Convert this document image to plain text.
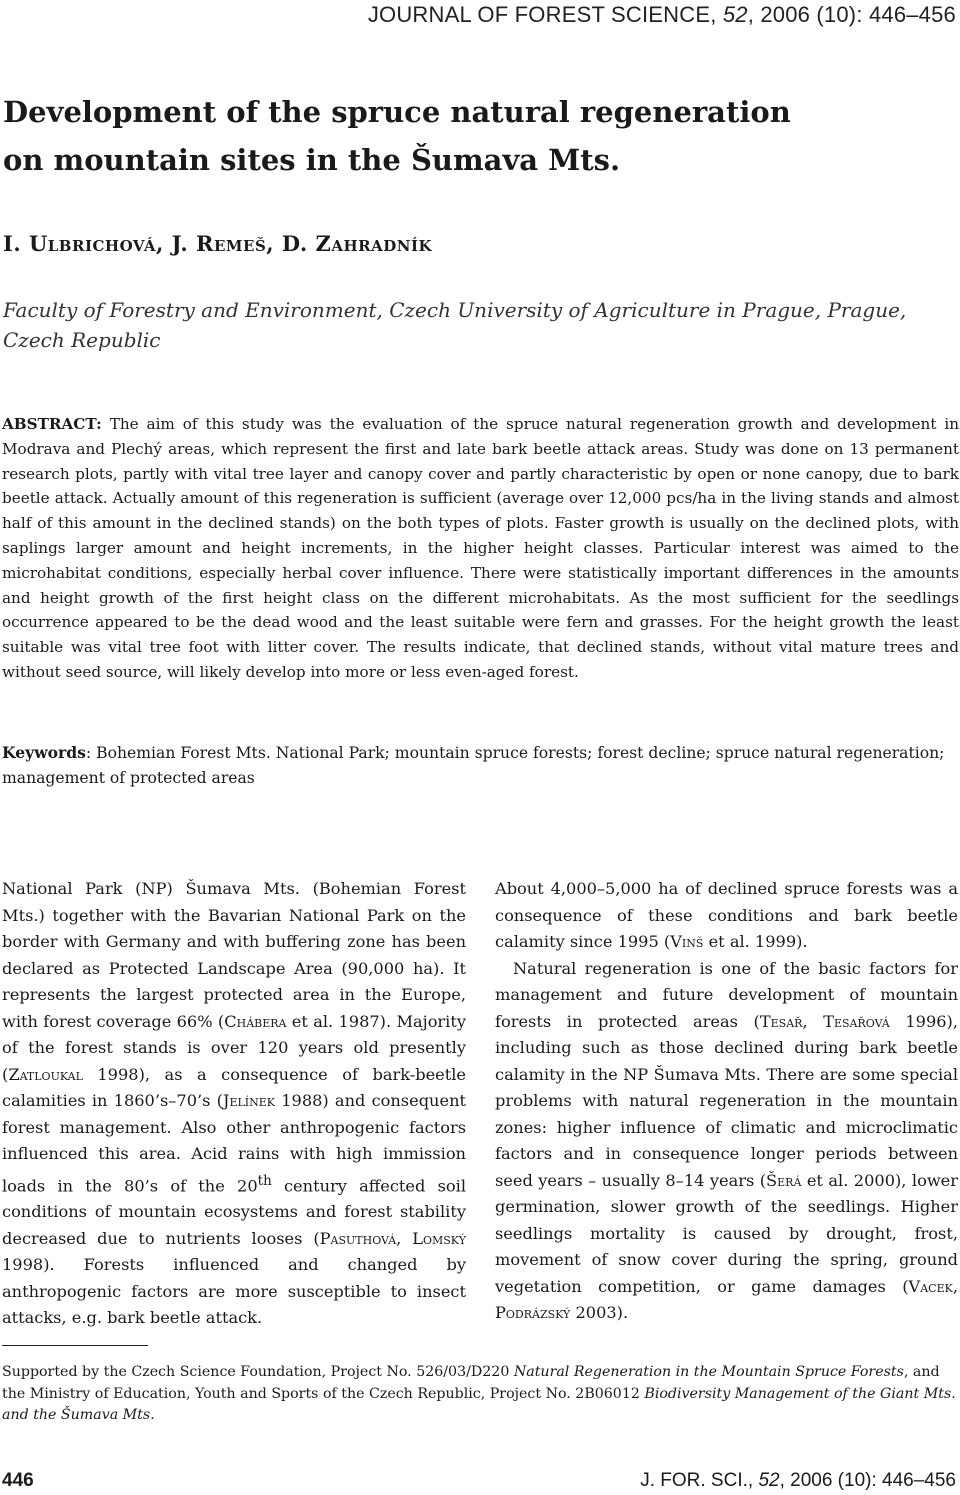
JOURNAL OF FOREST SCIENCE, 52, 2006 (10): 446–456
Development of the spruce natural regeneration
on mountain sites in the Šumava Mts.
I. Ulbrichová, J. Remeš, D. Zahradník
Faculty of Forestry and Environment, Czech University of Agriculture in Prague, Prague, Czech Republic
ABSTRACT: The aim of this study was the evaluation of the spruce natural regeneration growth and development in Modrava and Plechý areas, which represent the first and late bark beetle attack areas. Study was done on 13 permanent research plots, partly with vital tree layer and canopy cover and partly characteristic by open or none canopy, due to bark beetle attack. Actually amount of this regeneration is sufficient (average over 12,000 pcs/ha in the living stands and almost half of this amount in the declined stands) on the both types of plots. Faster growth is usually on the declined plots, with saplings larger amount and height increments, in the higher height classes. Particular interest was aimed to the microhabitat conditions, especially herbal cover influence. There were statistically important differences in the amounts and height growth of the first height class on the different microhabitats. As the most sufficient for the seedlings occurrence appeared to be the dead wood and the least suitable were fern and grasses. For the height growth the least suitable was vital tree foot with litter cover. The results indicate, that declined stands, without vital mature trees and without seed source, will likely develop into more or less even-aged forest.
Keywords: Bohemian Forest Mts. National Park; mountain spruce forests; forest decline; spruce natural regeneration; management of protected areas

National Park (NP) Šumava Mts. (Bohemian Forest Mts.) together with the Bavarian National Park on the border with Germany and with buffering zone has been declared as Protected Landscape Area (90,000 ha). It represents the largest protected area in the Europe, with forest coverage 66% (Chábera et al. 1987). Majority of the forest stands is over 120 years old presently (Zatloukal 1998), as a consequence of bark-beetle calamities in 1860’s–70’s (Jelínek 1988) and consequent forest management. Also other anthropogenic factors influenced this area. Acid rains with high immission loads in the 80’s of the 20th century affected soil conditions of mountain ecosystems and forest stability decreased due to nutrients looses (Pasuthová, Lomský 1998). Forests influenced and changed by anthropogenic factors are more susceptible to insect attacks, e.g. bark beetle attack.

About 4,000–5,000 ha of declined spruce forests was a consequence of these conditions and bark beetle calamity since 1995 (Vinš et al. 1999).

Natural regeneration is one of the basic factors for management and future development of mountain forests in protected areas (Tesař, Tesařová 1996), including such as those declined during bark beetle calamity in the NP Šumava Mts. There are some special problems with natural regeneration in the mountain zones: higher influence of climatic and microclimatic factors and in consequence longer periods between seed years – usually 8–14 years (Šerá et al. 2000), lower germination, slower growth of the seedlings. Higher seedlings mortality is caused by drought, frost, movement of snow cover during the spring, ground vegetation competition, or game damages (Vacek, Podrázský 2003).

Supported by the Czech Science Foundation, Project No. 526/03/D220 Natural Regeneration in the Mountain Spruce Forests, and the Ministry of Education, Youth and Sports of the Czech Republic, Project No. 2B06012 Biodiversity Management of the Giant Mts. and the Šumava Mts.
446	J. FOR. SCI., 52, 2006 (10): 446–456
